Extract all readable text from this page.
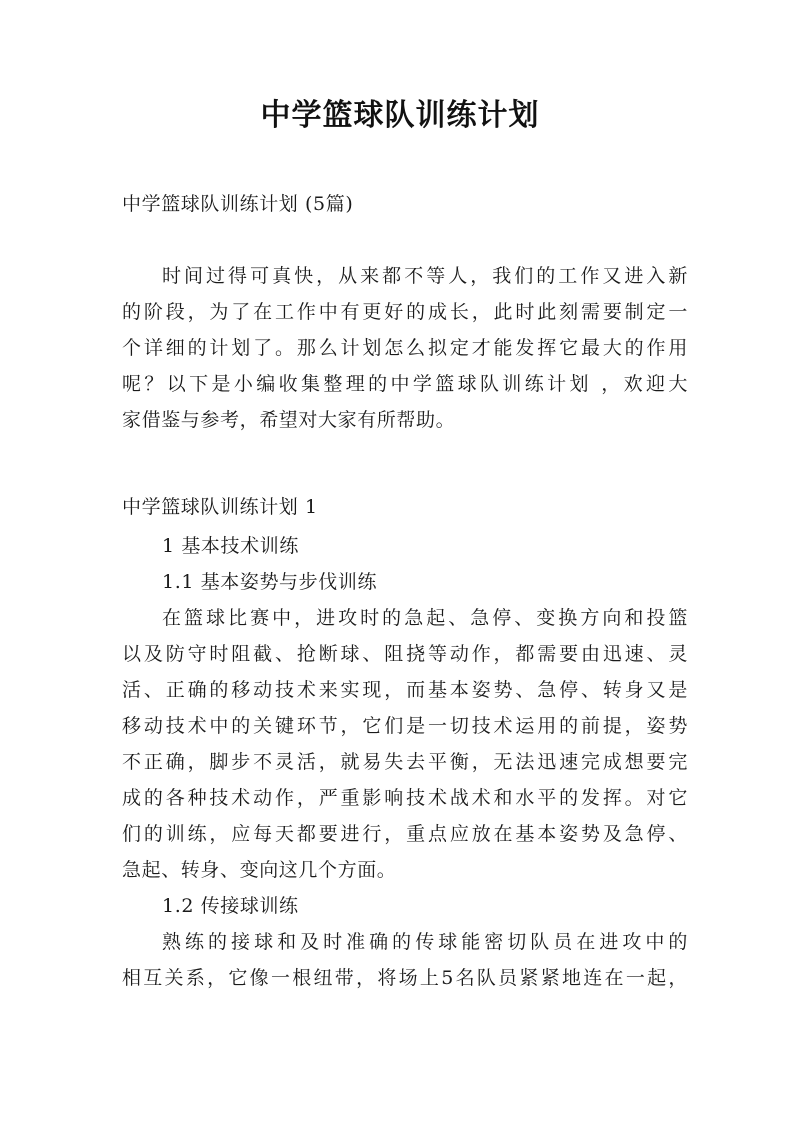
中学篮球队训练计划
中学篮球队训练计划 (5篇)
时间过得可真快，从来都不等人，我们的工作又进入新
的阶段，为了在工作中有更好的成长，此时此刻需要制定一
个详细的计划了。那么计划怎么拟定才能发挥它最大的作用
呢？以下是小编收集整理的中学篮球队训练计划 ，欢迎大
家借鉴与参考，希望对大家有所帮助。
中学篮球队训练计划 1
1 基本技术训练
1.1 基本姿势与步伐训练
在篮球比赛中，进攻时的急起、急停、变换方向和投篮
以及防守时阻截、抢断球、阻挠等动作，都需要由迅速、灵
活、正确的移动技术来实现，而基本姿势、急停、转身又是
移动技术中的关键环节，它们是一切技术运用的前提，姿势
不正确，脚步不灵活，就易失去平衡，无法迅速完成想要完
成的各种技术动作，严重影响技术战术和水平的发挥。对它
们的训练，应每天都要进行，重点应放在基本姿势及急停、
急起、转身、变向这几个方面。
1.2 传接球训练
熟练的接球和及时准确的传球能密切队员在进攻中的
相互关系，它像一根纽带，将场上5名队员紧紧地连在一起，
